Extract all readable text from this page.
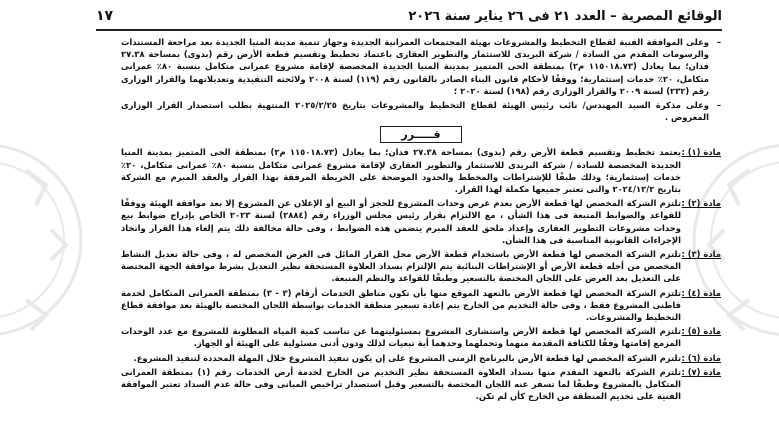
الوقائع المصرية – العدد ٢١ فى ٢٦ يناير سنة ٢٠٢٦
١٧

– وعلى الموافقة الفنية لقطاع التخطيط والمشروعات بهيئة المجتمعات العمرانية الجديدة وجهاز تنمية مدينة المنيا الجديدة بعد مراجعة المستندات والرسومات المقدم من السادة / شركة البريدى للاستثمار والتطوير العقارى باعتماد تخطيط وتقسيم قطعة الأرض رقم (بدوى) بمساحة ٢٧.٣٨ فدان؛ بما يعادل (١١٥٠١٨.٧٣ م٢) بمنطقة الحى المتميز بمدينة المنيا الجديدة المخصصة لإقامة مشروع عمرانى متكامل بنسبة ٨٠٪ عمرانى متكامل، ٢٠٪ خدمات إستثمارية؛ ووفقًا لأحكام قانون البناء الصادر بالقانون رقم (١١٩) لسنة ٢٠٠٨ ولائحته التنفيذية وتعديلاتهما والقرار الوزارى رقم (٢٣٢) لسنة ٢٠٠٩ والقرار الوزارى رقم (١٩٨) لسنة ٢٠٢٠ ؛

– وعلى مذكرة السيد المهندس/ نائب رئيس الهيئة لقطاع التخطيط والمشروعات بتاريخ ٢٠٢٥/٢/٢٥ المنتهية بطلب استصدار القرار الوزارى المعروض .

قـــــرر
مادة (١) :
يعتمد تخطيط وتقسيم قطعة الأرض رقم (بدوى) بمساحة ٢٧.٣٨ فدان؛ بما يعادل (١١٥٠١٨.٧٣ م٢) بمنطقة الحى المتميز بمدينة المنيا الجديدة المخصصة للسادة / شركة البريدى للاستثمار والتطوير العقارى لإقامة مشروع عمرانى متكامل بنسبة ٨٠٪ عمرانى متكامل، ٢٠٪ خدمات إستثمارية؛ وذلك طبقًا للإشتراطات والمخطط والحدود الموضحة على الخريطة المرفقة بهذا القرار والعقد المبرم مع الشركة بتاريخ ٢٠٢٤/١٢/٢ والتى تعتبر جميعها مكملة لهذا القرار.
مادة (٢) :
تلتزم الشركة المخصص لها قطعة الأرض بعدم عرض وحدات المشروع للحجز أو البيع أو الإعلان عن المشروع إلا بعد موافقة الهيئة ووفقًا للقواعد والضوابط المتبعة فى هذا الشأن ، مع الالتزام بقرار رئيس مجلس الوزراء رقم (٢٨٨٤) لسنة ٢٠٢٣ الخاص بإدراج ضوابط بيع وحدات مشروعات التطوير العقارى وإعداد ملحق للعقد المبرم يتضمن هذه الضوابط ، وفى حالة مخالفة ذلك يتم إلغاء هذا القرار واتخاذ الإجراءات القانونية المناسبة فى هذا الشأن.
مادة (٣) :
تلتزم الشركة المخصص لها قطعة الأرض باستخدام قطعة الأرض محل القرار المائل فى الغرض المخصص له ، وفى حالة تعديل النشاط المخصص من أجله قطعة الأرض أو الإشتراطات البنائية يتم الإلتزام بسداد العلاوة المستحقة نظير التعديل بشرط موافقة الجهة المختصة على التعديل بعد العرض على اللجان المختصة بالتسعير وطبقًا للقواعد والنظم المتبعة.
مادة (٤) :
تلتزم الشركة المخصص لها قطعة الأرض بالتعهد الموقع منها بأن تكون مناطق الخدمات أرقام (٣ - ٣) بمنطقة العمرانى المتكامل لخدمة قاطنى المشروع فقط ، وفى حالة التخديم من الخارج يتم إعادة تسعير منطقة الخدمات بواسطة اللجان المختصة بالهيئة بعد موافقة قطاع التخطيط والمشروعات.
مادة (٥) :
تلتزم الشركة المخصص لها قطعة الأرض واستشارى المشروع بمسئوليتهما عن تناسب كمية المياه المطلوبة للمشروع مع عدد الوحدات المزمع إقامتها وفقًا للكثافة المقدمة منهما وتحملهما وحدهما أية تبعيات لذلك ودون أدنى مسئولية على الهيئة أو الجهاز.
مادة (٦) :
تلتزم الشركة المخصص لها قطعة الأرض بالبرنامج الزمنى المشروع على إن يكون تنفيذ المشروع خلال المهلة المحددة لتنفيذ المشروع.
مادة (٧) :
تلتزم الشركة بالتعهد المقدم منها بسداد العلاوة المستحقة نظير التخديم من الخارج لخدمة أرض الخدمات رقم (١) بمنطقة العمرانى المتكامل بالمشروع وطبقًا لما تسفر عنه اللجان المختصة بالتسعير وقبل استصدار تراخيص المبانى وفى حالة عدم السداد تعتبر الموافقة الفنية على تخديم المنطقة من الخارج كأن لم تكن.
